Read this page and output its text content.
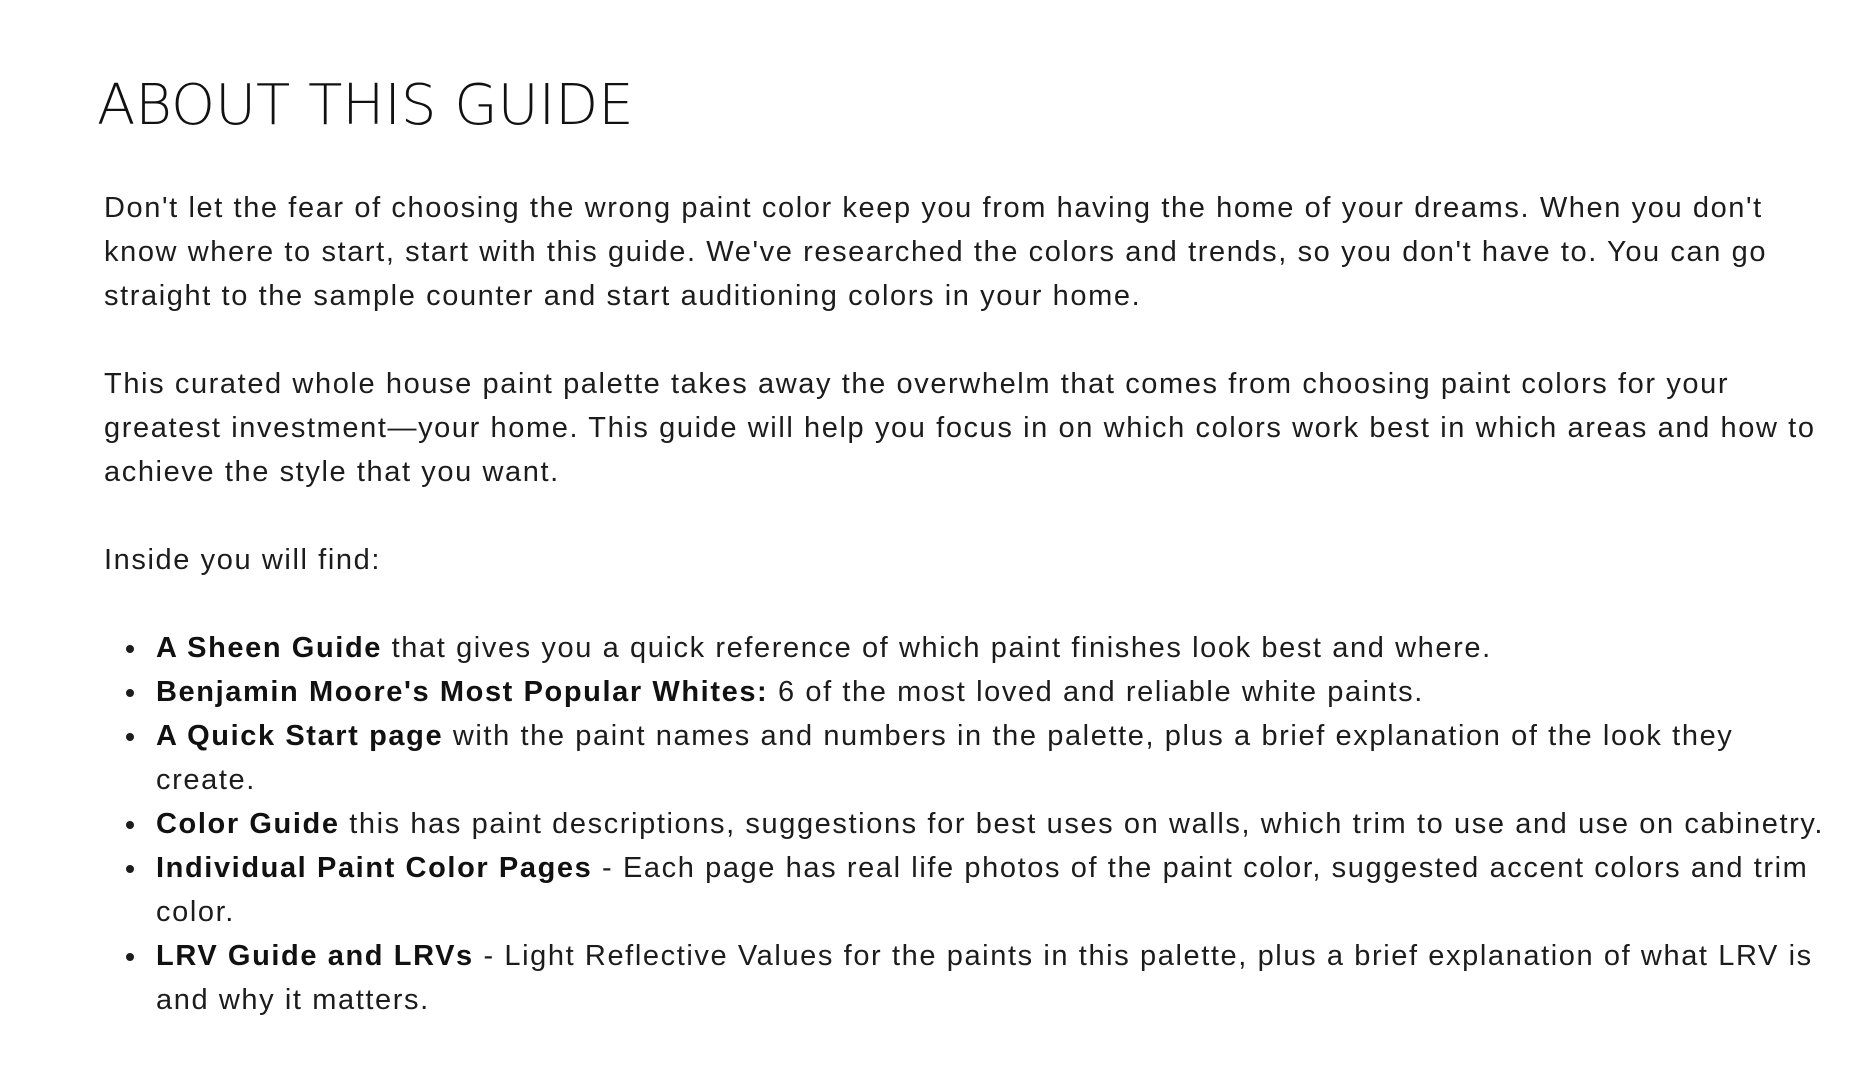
ABOUT THIS GUIDE

Don't let the fear of choosing the wrong paint color keep you from having the home of your dreams. When you don't know where to start, start with this guide. We've researched the colors and trends, so you don't have to. You can go straight to the sample counter and start auditioning colors in your home.

This curated whole house paint palette takes away the overwhelm that comes from choosing paint colors for your greatest investment—your home. This guide will help you focus in on which colors work best in which areas and how to achieve the style that you want.

Inside you will find:

A Sheen Guide that gives you a quick reference of which paint finishes look best and where.
Benjamin Moore's Most Popular Whites: 6 of the most loved and reliable white paints.
A Quick Start page with the paint names and numbers in the palette, plus a brief explanation of the look they create.
Color Guide this has paint descriptions, suggestions for best uses on walls, which trim to use and use on cabinetry.
Individual Paint Color Pages - Each page has real life photos of the paint color, suggested accent colors and trim color.
LRV Guide and LRVs - Light Reflective Values for the paints in this palette, plus a brief explanation of what LRV is and why it matters.
